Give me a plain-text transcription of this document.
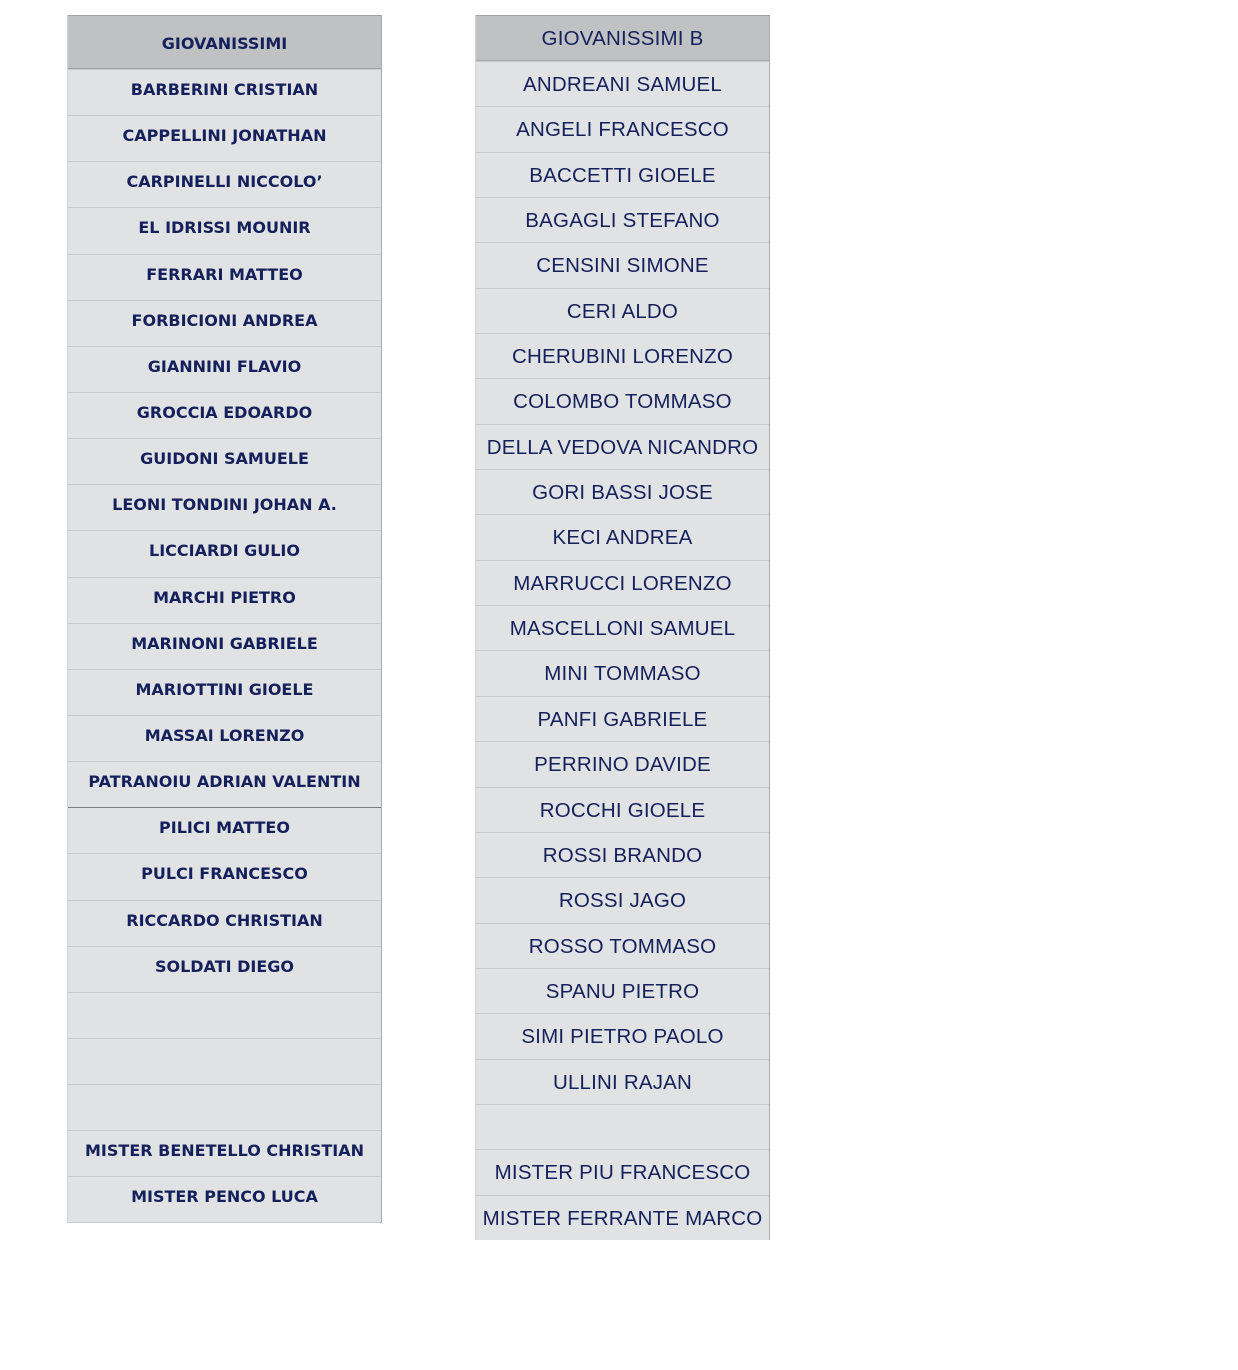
GIOVANISSIMI
BARBERINI CRISTIAN
CAPPELLINI JONATHAN
CARPINELLI NICCOLO’
EL IDRISSI MOUNIR
FERRARI MATTEO
FORBICIONI ANDREA
GIANNINI FLAVIO
GROCCIA EDOARDO
GUIDONI SAMUELE
LEONI TONDINI JOHAN A.
LICCIARDI GULIO
MARCHI PIETRO
MARINONI GABRIELE
MARIOTTINI GIOELE
MASSAI LORENZO
PATRANOIU ADRIAN VALENTIN
PILICI MATTEO
PULCI FRANCESCO
RICCARDO CHRISTIAN
SOLDATI DIEGO
MISTER BENETELLO CHRISTIAN
MISTER PENCO LUCA
GIOVANISSIMI B
ANDREANI SAMUEL
ANGELI FRANCESCO
BACCETTI GIOELE
BAGAGLI STEFANO
CENSINI SIMONE
CERI ALDO
CHERUBINI LORENZO
COLOMBO TOMMASO
DELLA VEDOVA NICANDRO
GORI BASSI JOSE
KECI ANDREA
MARRUCCI LORENZO
MASCELLONI SAMUEL
MINI TOMMASO
PANFI GABRIELE
PERRINO DAVIDE
ROCCHI GIOELE
ROSSI BRANDO
ROSSI JAGO
ROSSO TOMMASO
SPANU PIETRO
SIMI PIETRO PAOLO
ULLINI RAJAN
MISTER PIU FRANCESCO
MISTER FERRANTE MARCO
